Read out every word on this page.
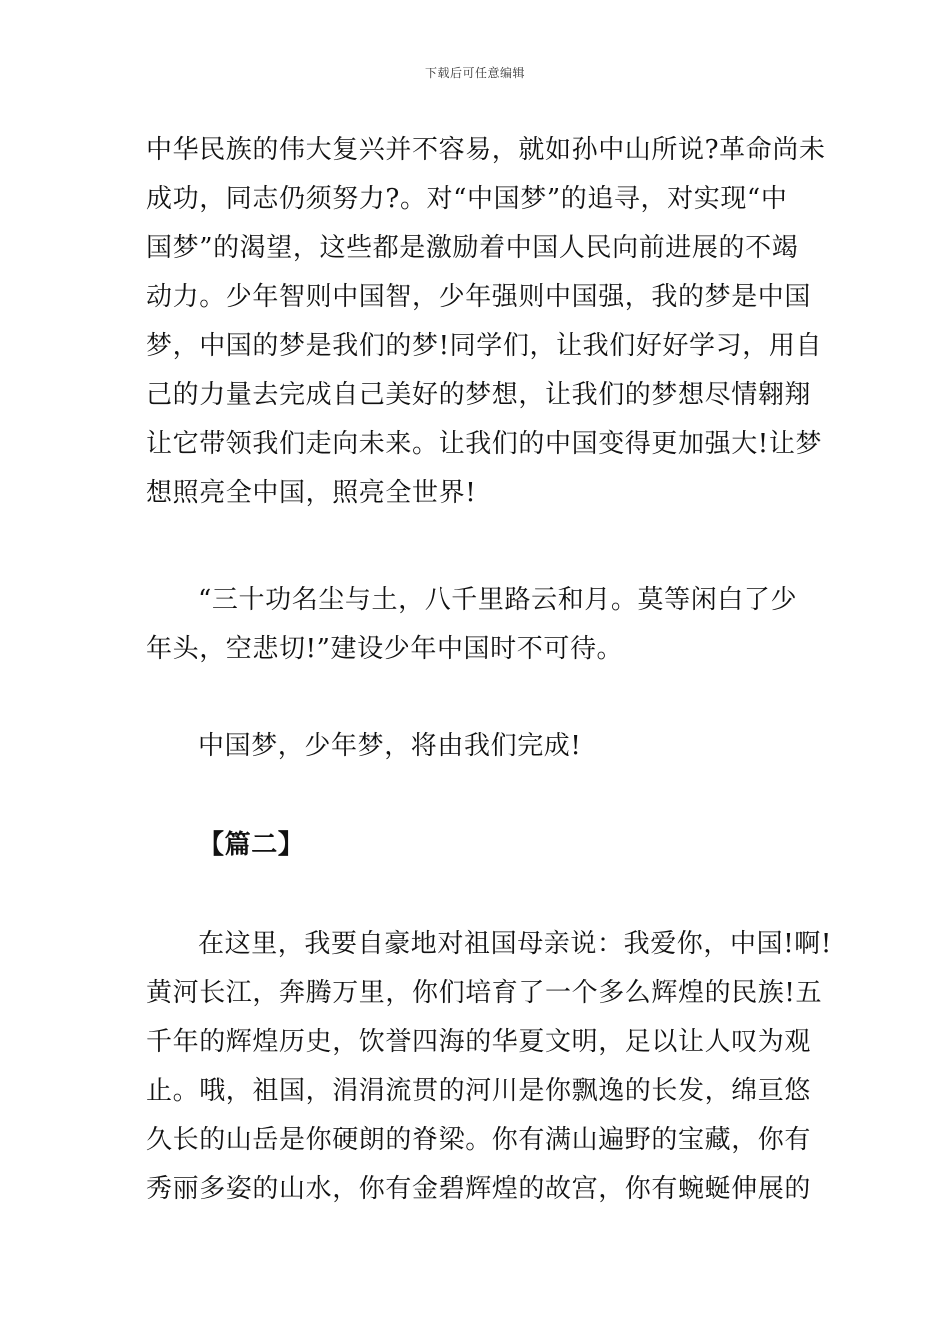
下载后可任意编辑
中华民族的伟大复兴并不容易，就如孙中山所说?革命尚未
成功，同志仍须努力?。对“中国梦”的追寻，对实现“中
国梦”的渴望，这些都是激励着中国人民向前进展的不竭
动力。少年智则中国智，少年强则中国强，我的梦是中国
梦，中国的梦是我们的梦!同学们，让我们好好学习，用自
己的力量去完成自己美好的梦想，让我们的梦想尽情翱翔
让它带领我们走向未来。让我们的中国变得更加强大!让梦
想照亮全中国，照亮全世界!
“三十功名尘与土，八千里路云和月。莫等闲白了少
年头，空悲切!”建设少年中国时不可待。
中国梦，少年梦，将由我们完成!
【篇二】
在这里，我要自豪地对祖国母亲说：我爱你，中国!啊!
黄河长江，奔腾万里，你们培育了一个多么辉煌的民族!五
千年的辉煌历史，饮誉四海的华夏文明，足以让人叹为观
止。哦，祖国，涓涓流贯的河川是你飘逸的长发，绵亘悠
久长的山岳是你硬朗的脊梁。你有满山遍野的宝藏，你有
秀丽多姿的山水，你有金碧辉煌的故宫，你有蜿蜒伸展的
